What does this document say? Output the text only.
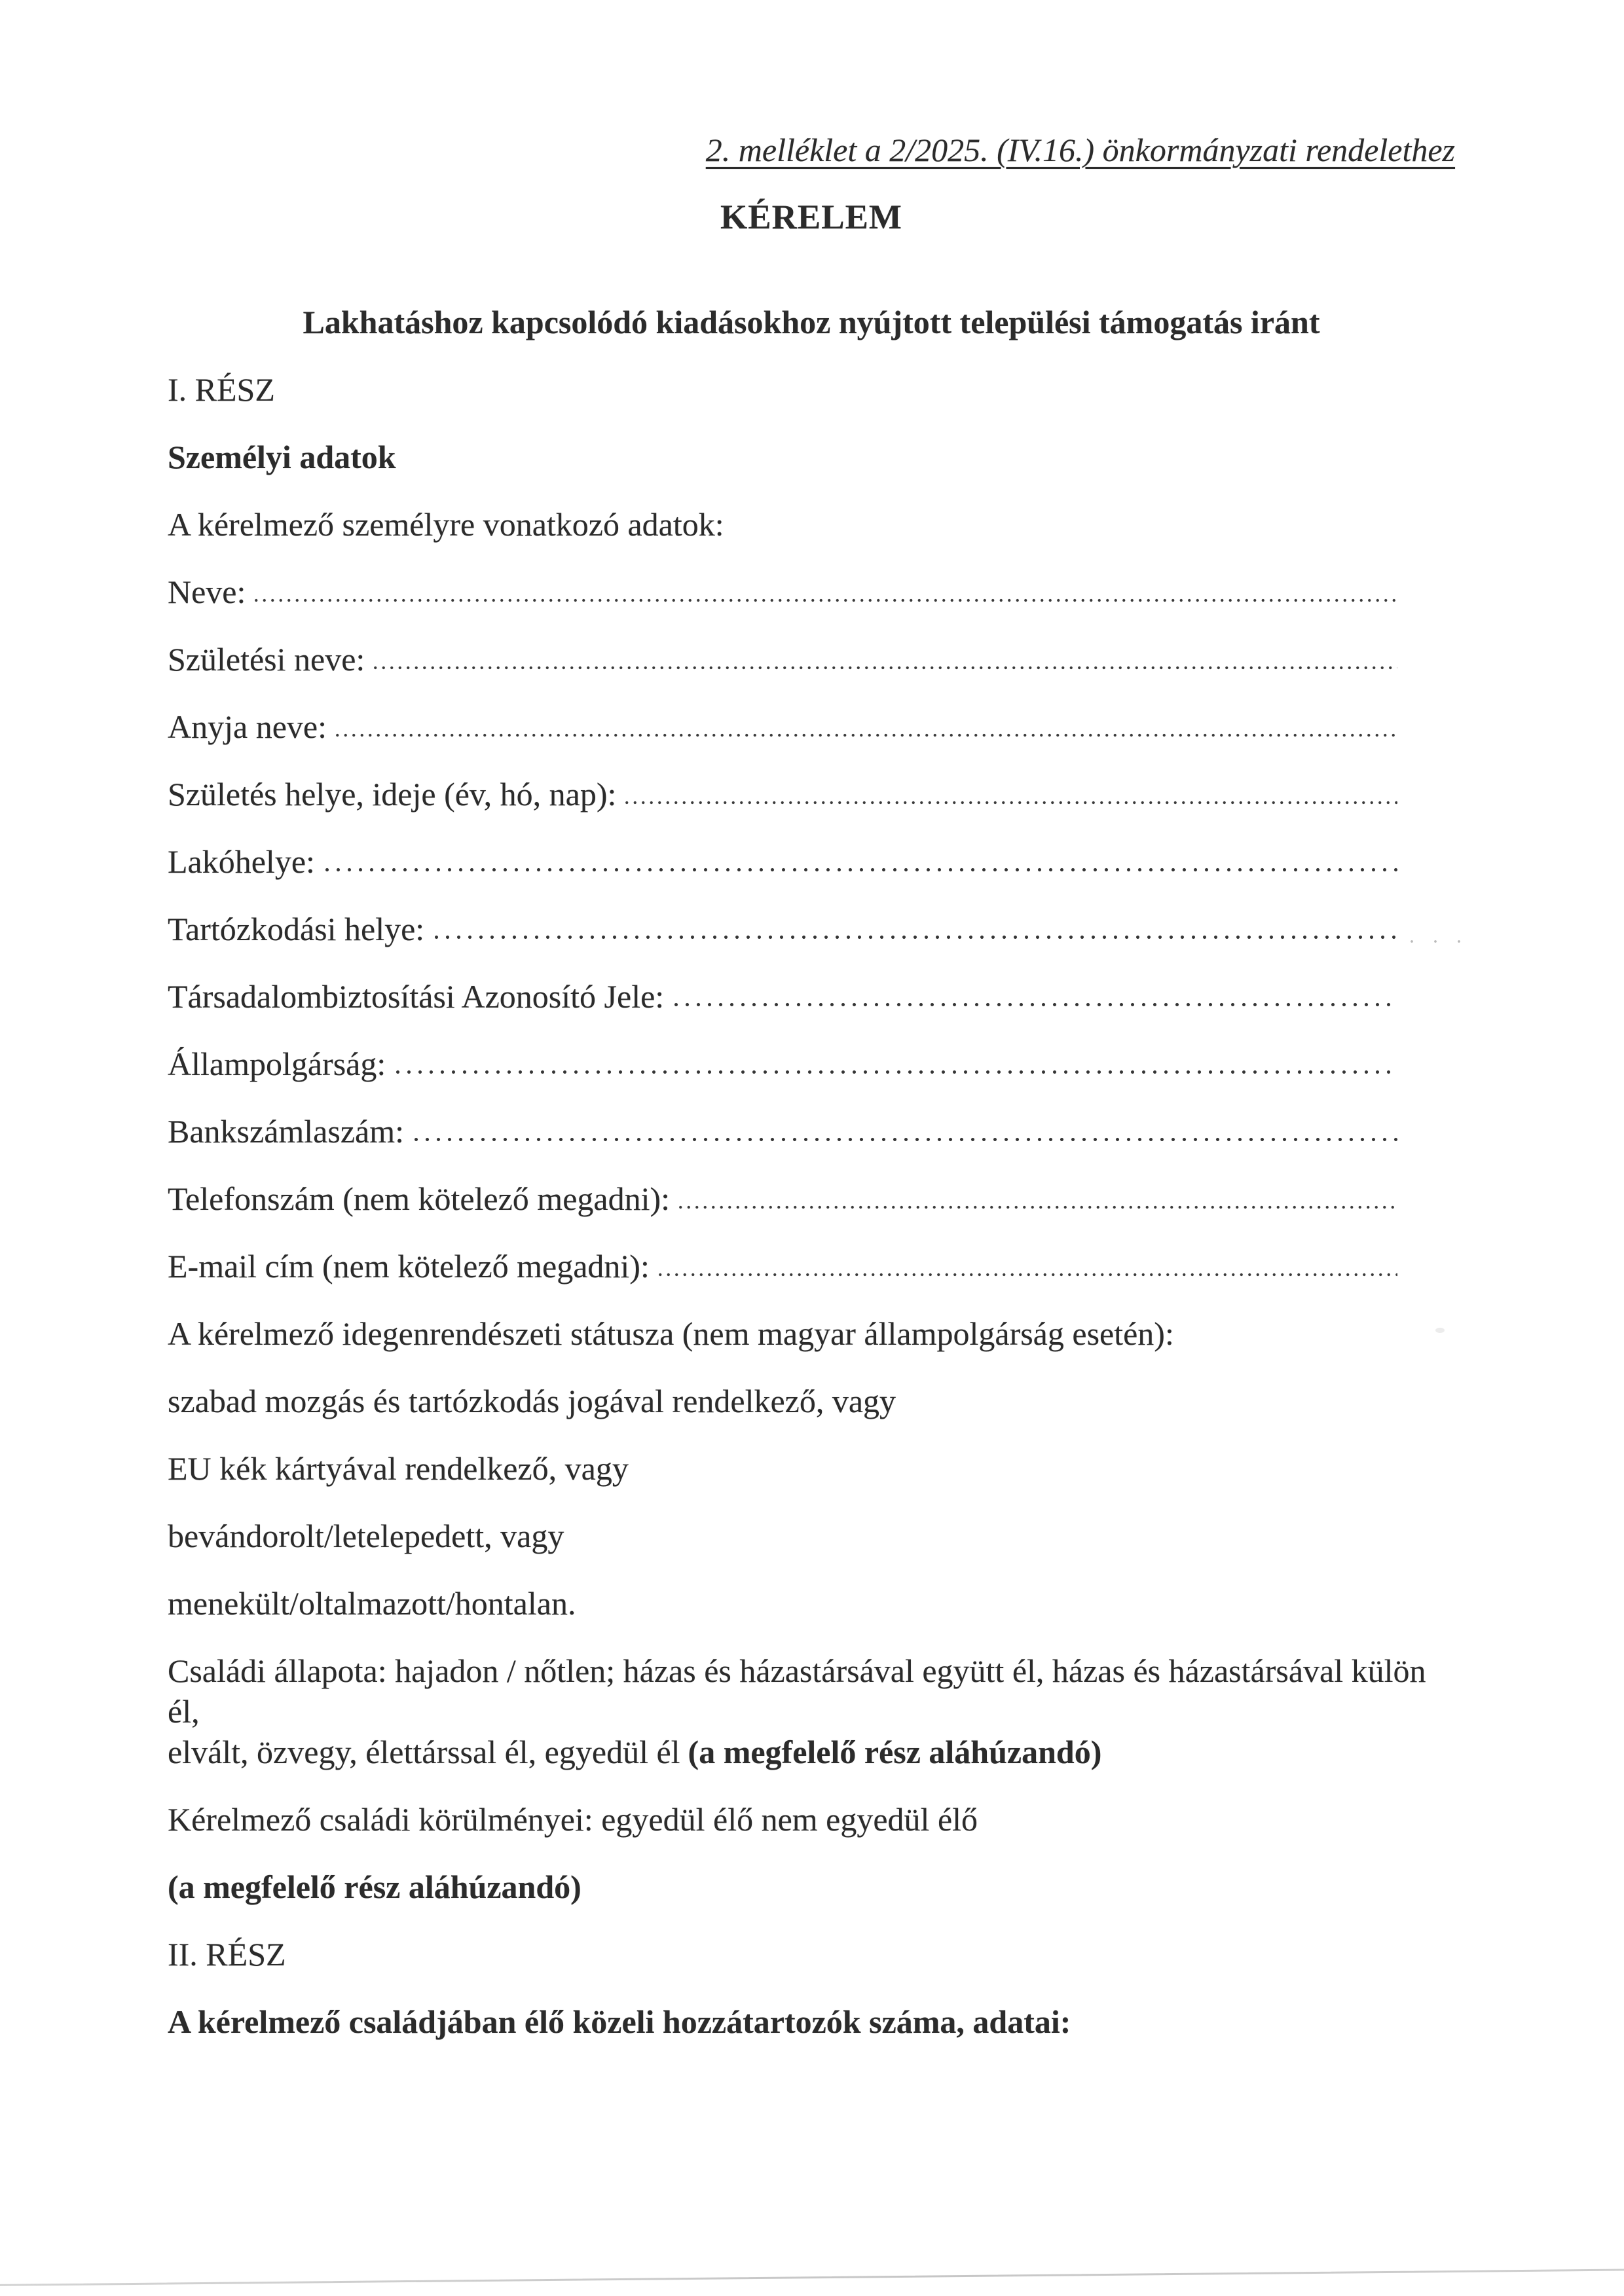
2. melléklet a 2/2025. (IV.16.) önkormányzati rendelethez
KÉRELEM
Lakhatáshoz kapcsolódó kiadásokhoz nyújtott települési támogatás iránt
I. RÉSZ
Személyi adatok
A kérelmező személyre vonatkozó adatok:
Neve:
Születési neve:
Anyja neve:
Születés helye, ideje (év, hó, nap):
Lakóhelye:
Tartózkodási helye:
Társadalombiztosítási Azonosító Jele:
Állampolgárság:
Bankszámlaszám:
Telefonszám (nem kötelező megadni):
E-mail cím (nem kötelező megadni):
A kérelmező idegenrendészeti státusza (nem magyar állampolgárság esetén):
szabad mozgás és tartózkodás jogával rendelkező, vagy
EU kék kártyával rendelkező, vagy
bevándorolt/letelepedett, vagy
menekült/oltalmazott/hontalan.
Családi állapota: hajadon / nőtlen; házas és házastársával együtt él, házas és házastársával külön él,
elvált, özvegy, élettárssal él, egyedül él (a megfelelő rész aláhúzandó)
Kérelmező családi körülményei: egyedül élő nem egyedül élő
(a megfelelő rész aláhúzandó)
II. RÉSZ
A kérelmező családjában élő közeli hozzátartozók száma, adatai:
